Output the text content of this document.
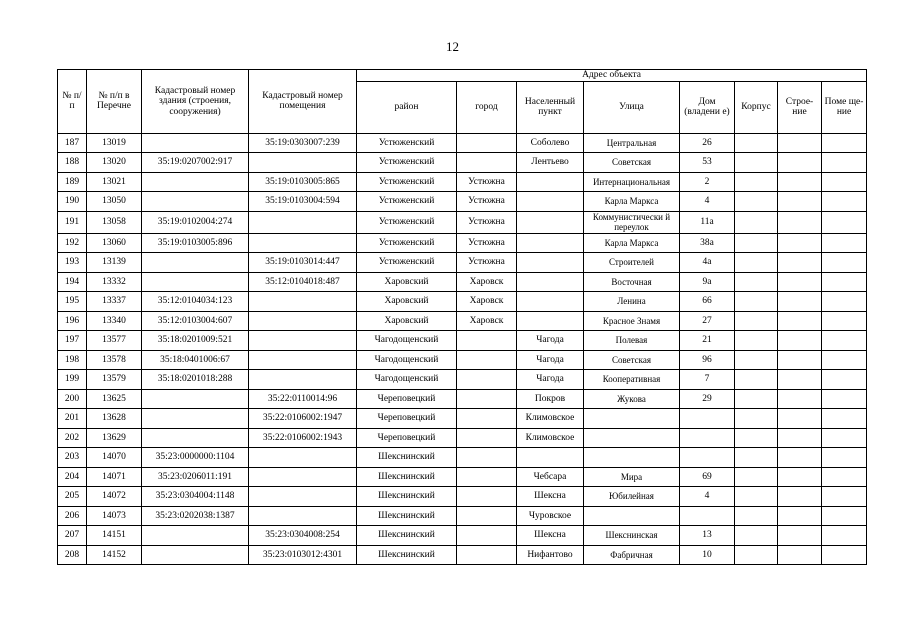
12
№ п/п	№ п/п в Перечне	Кадастровый номер здания (строения, сооружения)	Кадастровый номер помещения	Адрес объекта							
				район	город	Населенный пункт	Улица	Дом (владени е)	Корпус	Строе-ние	Поме ще-ние
187	13019		35:19:0303007:239	Устюженский		Соболево	Центральная	26			
188	13020	35:19:0207002:917		Устюженский		Лентьево	Советская	53			
189	13021		35:19:0103005:865	Устюженский	Устюжна		Интернациональная	2			
190	13050		35:19:0103004:594	Устюженский	Устюжна		Карла Маркса	4			
191	13058	35:19:0102004:274		Устюженский	Устюжна		Коммунистически й переулок	11а			
192	13060	35:19:0103005:896		Устюженский	Устюжна		Карла Маркса	38а			
193	13139		35:19:0103014:447	Устюженский	Устюжна		Строителей	4а			
194	13332		35:12:0104018:487	Харовский	Харовск		Восточная	9а			
195	13337	35:12:0104034:123		Харовский	Харовск		Ленина	66			
196	13340	35:12:0103004:607		Харовский	Харовск		Красное Знамя	27			
197	13577	35:18:0201009:521		Чагодощенский		Чагода	Полевая	21			
198	13578	35:18:0401006:67		Чагодощенский		Чагода	Советская	96			
199	13579	35:18:0201018:288		Чагодощенский		Чагода	Кооперативная	7			
200	13625		35:22:0110014:96	Череповецкий		Покров	Жукова	29			
201	13628		35:22:0106002:1947	Череповецкий		Климовское					
202	13629		35:22:0106002:1943	Череповецкий		Климовское					
203	14070	35:23:0000000:1104		Шекснинский							
204	14071	35:23:0206011:191		Шекснинский		Чебсара	Мира	69			
205	14072	35:23:0304004:1148		Шекснинский		Шексна	Юбилейная	4			
206	14073	35:23:0202038:1387		Шекснинский		Чуровское					
207	14151		35:23:0304008:254	Шекснинский		Шексна	Шекснинская	13			
208	14152		35:23:0103012:4301	Шекснинский		Нифантово	Фабричная	10			
